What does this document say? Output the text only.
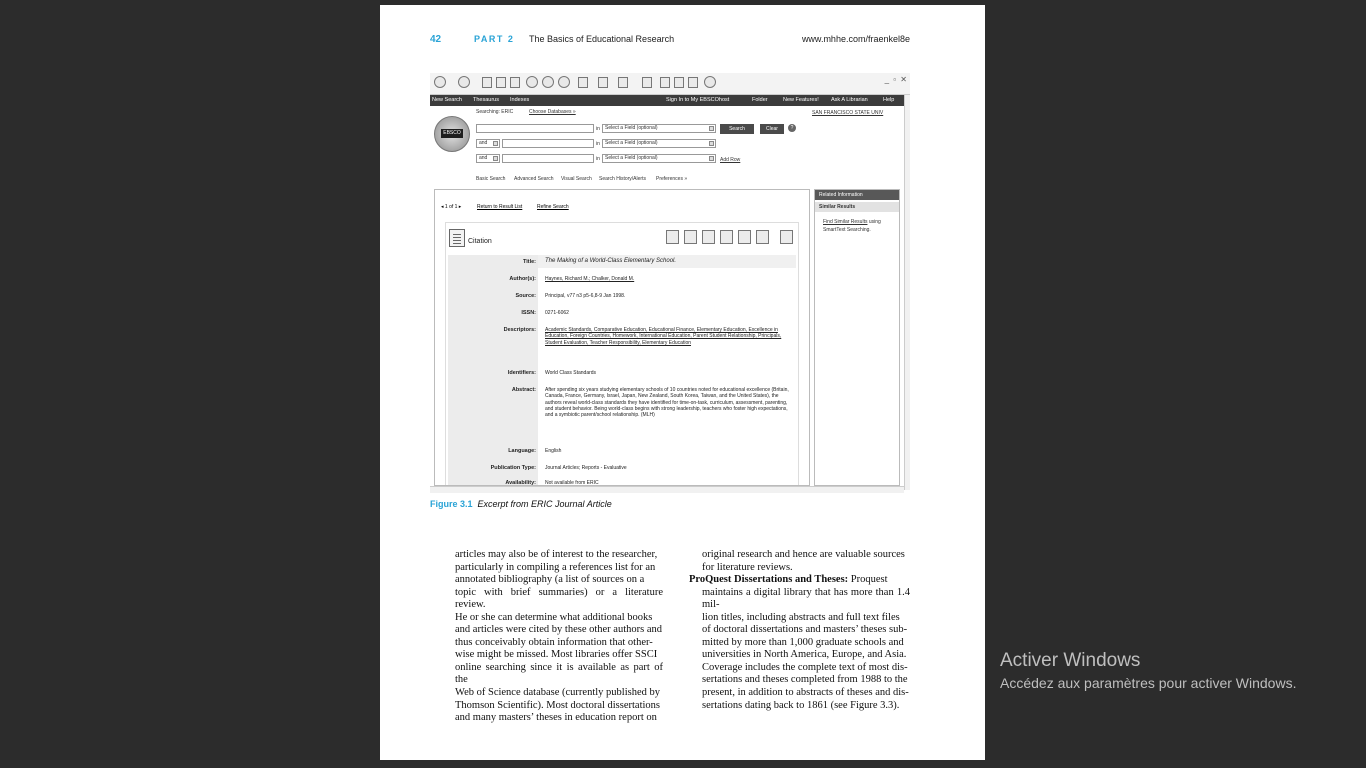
42	PART 2 The Basics of Educational Research	www.mhhe.com/fraenkel8e
_ ▫ ✕
New Search Thesaurus Indexes	Sign In to My EBSCOhost	Folder	New Features! Ask A Librarian	Help
EBSCO
Searching: ERIC	Choose Databases »	SAN FRANCISCO STATE UNIV
in	Select a Field (optional)	Search	Clear	?
and	in	Select a Field (optional)
and	in	Select a Field (optional)	Add Row
Basic Search Advanced Search Visual Search Search History/Alerts Preferences »
◂ 1 of 1 ▸	Return to Result List	Refine Search
Citation
Title: The Making of a World-Class Elementary School.
Author(s): Haynes, Richard M.; Chalker, Donald M.
Source: Principal, v77 n3 p5-6,8-9 Jan 1998.
ISSN: 0271-6062
Descriptors: Academic Standards, Comparative Education, Educational Finance, Elementary Education, Excellence in Education, Foreign Countries, Homework, International Education, Parent Student Relationship, Principals, Student Evaluation, Teacher Responsibility, Elementary Education
Identifiers: World Class Standards
Abstract: After spending six years studying elementary schools of 10 countries noted for educational excellence (Britain, Canada, France, Germany, Israel, Japan, New Zealand, South Korea, Taiwan, and the United States), the authors reveal world-class standards they have identified for time-on-task, curriculum, assessment, parenting, and student behavior. Being world-class begins with strong leadership, teachers who foster high expectations, and a symbiotic parent/school relationship. (MLH)
Language: English
Publication Type: Journal Articles; Reports - Evaluative
Availability: Not available from ERIC
Related Information
Similar Results
Find Similar Results using SmartText Searching.
Figure 3.1 Excerpt from ERIC Journal Article
articles may also be of interest to the researcher,
particularly in compiling a references list for an
annotated bibliography (a list of sources on a
topic with brief summaries) or a literature review.
He or she can determine what additional books
and articles were cited by these other authors and
thus conceivably obtain information that other-
wise might be missed. Most libraries offer SSCI
online searching since it is available as part of the
Web of Science database (currently published by
Thomson Scientific). Most doctoral dissertations
and many masters’ theses in education report on
original research and hence are valuable sources
for literature reviews.
ProQuest Dissertations and Theses: Proquest
maintains a digital library that has more than 1.4 mil-
lion titles, including abstracts and full text files
of doctoral dissertations and masters’ theses sub-
mitted by more than 1,000 graduate schools and
universities in North America, Europe, and Asia.
Coverage includes the complete text of most dis-
sertations and theses completed from 1988 to the
present, in addition to abstracts of theses and dis-
sertations dating back to 1861 (see Figure 3.3).
Activer Windows
Accédez aux paramètres pour activer Windows.
